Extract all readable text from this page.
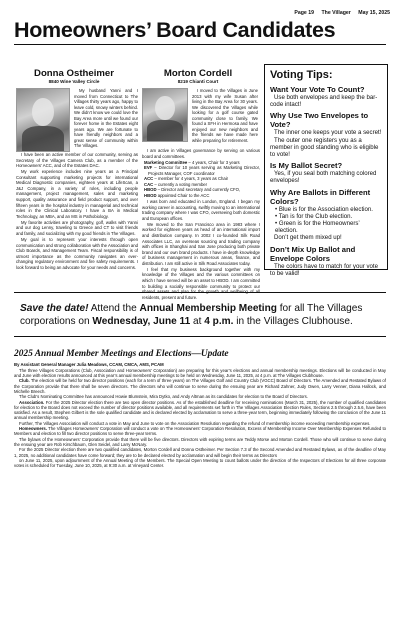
Page 19 The Villager May 15, 2025
Homeowners’ Board Candidates
Donna Ostheimer
8840 Wine Valley Circle

My husband Yanni and I moved from Connecticut to The Villages thirty years ago, happy to leave cold, snowy winters behind. We didn’t know we could love the Bay Area more until we found our forever home in the Estates eight years ago. We are fortunate to have friendly neighbors and a great sense of community within The Villages.

I have been an active member of our community, serving as Secretary of the Villages Camera Club, as a member of the Homeowners’ ACC, and of the Estates DAC.

My work experience includes nine years as a Principal Consultant supporting marketing projects for international Medical Diagnostic companies, eighteen years at LifeScan, a J&J Company, in a variety of roles, including people management, project management, sales and marketing support, quality assurance and field product support, and over fifteen years in the hospital industry in managerial and technical roles in the Clinical Laboratory. I have a BA in Medical Technology, an MBA, and an MS in Pathobiology.

My favorite activities are photography, golf, walks with Yanni and our dog Lenny, traveling to Greece and CT to visit friends and family, and socializing with my good friends in The Villages.

My goal is to represent your interests through open communication and strong collaboration with the Association and Club Boards, and Management Team. Fiscal responsibility is of utmost importance as the community navigates an ever-changing regulatory environment and fire safety requirements. I look forward to being an advocate for your needs and concerns.

Morton Cordell
8219 Chianti Court

I moved to the Villages in June 2013 with my wife Susan after living in the Bay Area for 30 years. We discovered the Villages while looking for a golf course gated community close to family. We found a SFH in Hermosa and have enjoyed our new neighbors and the friends we have made here while preparing for retirement.

I am active in Villages governance by serving on various board and committees.

Marketing Committee – 4 years, Chair for 3 years
EVF – Director for 10 years serving as Marketing Director, Projects Manager, COF coordinator
ACC – member for 4 years, 3 years as Chair
CAC – currently a voting member
HBOD – Director and secretary and currently CFO,
HBOD appointed Chair to the ACC

I was born and educated in London, England. I began my working career in accounting, swiftly moving to an international trading company where I was CFO, overseeing both domestic and European offices.

We moved to the San Francisco area in 1983 where I worked for eighteen years as head of an international import and distribution company. In 2002 I co-founded Silk Road Associates LLC, an overseas sourcing and trading company with offices in Shanghai and San Jose producing both private brand and our own brand products. I have in-depth knowledge of business management in numerous areas, finance, and distribution. I am still active in Silk Road Associates today.

I feel that my business background together with my knowledge of the Villages and the various committees on which I have served will be an asset to HBOD. I am committed to building a socially responsible community to protect our residents, present and future.

Voting Tips:
Want Your Vote To Count?

Use both envelopes and keep the bar-code intact!

Why Use Two Envelopes to Vote?

The inner one keeps your vote a secret!

The outer one registers you as a member in good standing who is eligible to vote!

Is My Ballot Secret?

Yes, if you seal both matching colored envelopes!

Why Are Ballots in Different Colors?
• Blue is for the Association election.
• Tan is for the Club election.
• Green is for the Homeowners’ election.

Don’t get them mixed up!

Don’t Mix Up Ballot and Envelope Colors

The colors have to match for your vote to be valid!

Save the date! Attend the Annual Membership Meeting for all The Villages corporations on Wednesday, June 11 at 4 p.m. in the Villages Clubhouse.
2025 Annual Member Meetings and Elections—Update
By Assistant General Manager Julia Meadows, CCAM, CMCA, AMS, PCAM

The three Villages Corporations (Club, Association and Homeowners’ Corporation) are preparing for this year’s elections and annual membership meetings. Elections will be conducted in May and June with election results announced at this year’s annual membership meetings to be held on Wednesday, June 11, 2025, at 4 p.m. at The Villages Clubhouse.

Club. The election will be held for two director positions (each for a term of three years) on The Villages Golf and Country Club (VGCC) Board of Directors. The Amended and Restated Bylaws of the Corporation provide that there shall be seven directors. The directors who will continue to serve during the ensuing year are Richard Zahner, Judy Owen, Larry Venner, Diana Hallock, and Michelle Breech.

The Club’s Nominating Committee has announced Howie Blumstein, Mira Dytko, and Andy Altman as its candidates for election to the Board of Directors.

Association. For the 2025 Director election there are two open director positions. As of the established deadline for receiving nominations (March 31, 2025), the number of qualified candidates for election to the Board does not exceed the number of director positions available, and all requirements set forth in The Villages Association Election Rules, Sections 2.5 through 2.5.6, have been satisfied. As a result, Stephen Gilbert is the sole qualified candidate and is declared elected by acclamation to serve a three-year term, beginning immediately following the conclusion of the June 11 annual membership meeting.

Further, The Villages Association will conduct a vote in May and June to vote on the Association Resolution regarding the refund of membership income exceeding membership expenses.

Homeowners. The Villages Homeowners’ Corporation will conduct a vote on The Homeowners’ Corporation Resolution, Excess of Membership Income Over Membership Expenses Refunded to Members and election to fill two director positions to serve three-year terms.

The bylaws of the Homeowners’ Corporation provide that there will be five directors. Directors with expiring terms are Teddy Morse and Morton Cordell. Those who will continue to serve during the ensuing year are Rob Kirschbaum, Glen Seidel, and Larry McNary.

For the 2025 Director election there are two qualified candidates, Morton Cordell and Donna Ostheimer. Per Section 7.3 of the Second Amended and Restated Bylaws, as of the deadline of May 1, 2025, no additional candidates have come forward; they are to be declared elected by acclamation and will begin their terms as Directors

on June 11, 2025, upon adjournment of the Annual Meeting of the Members. The Special Open Meeting to count ballots under the direction of the Inspectors of Elections for all three corporate votes is scheduled for Tuesday, June 10, 2025, at 9:30 a.m. at Vineyard Center.
